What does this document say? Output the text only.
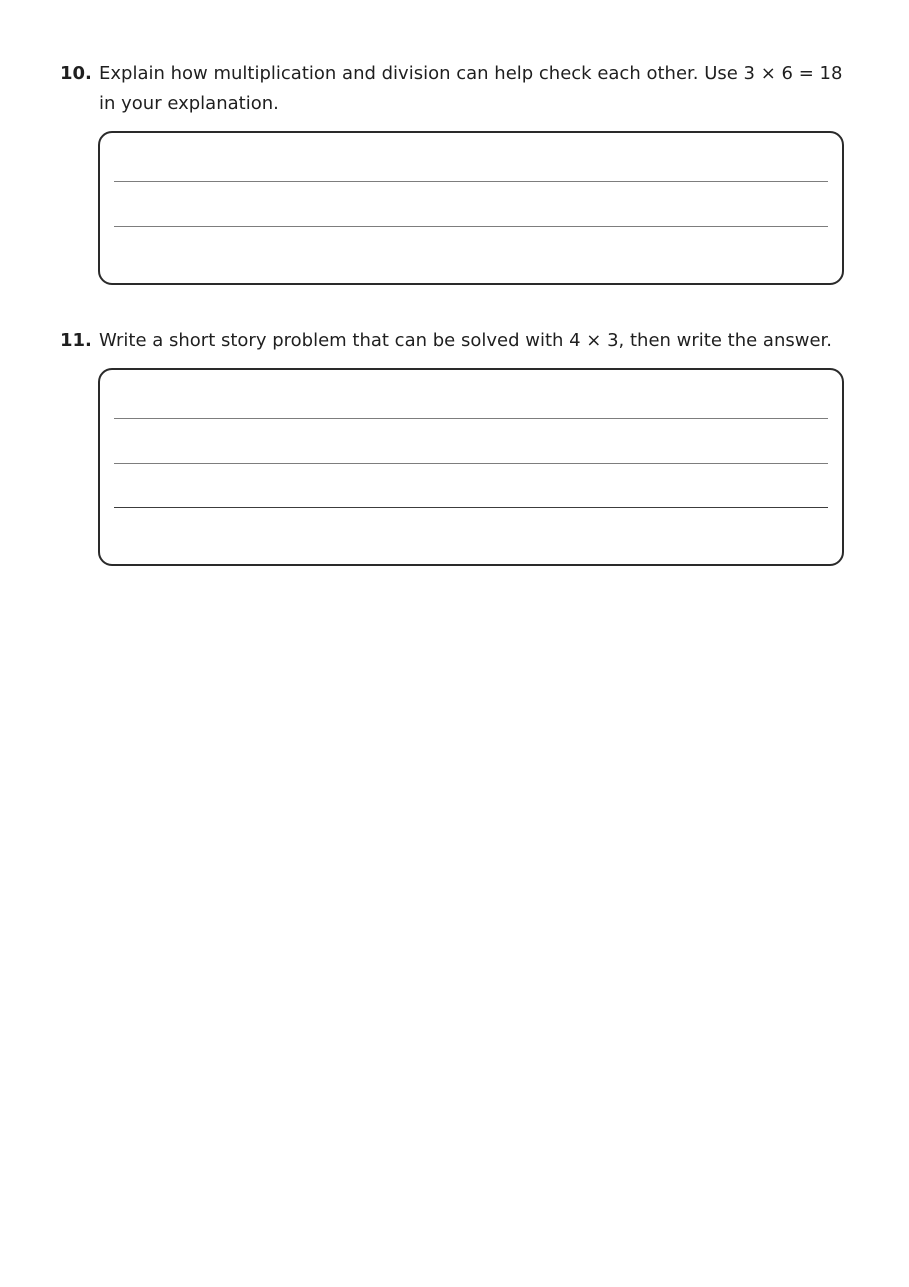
10. Explain how multiplication and division can help check each other. Use 3 × 6 = 18
in your explanation.
11. Write a short story problem that can be solved with 4 × 3, then write the answer.
